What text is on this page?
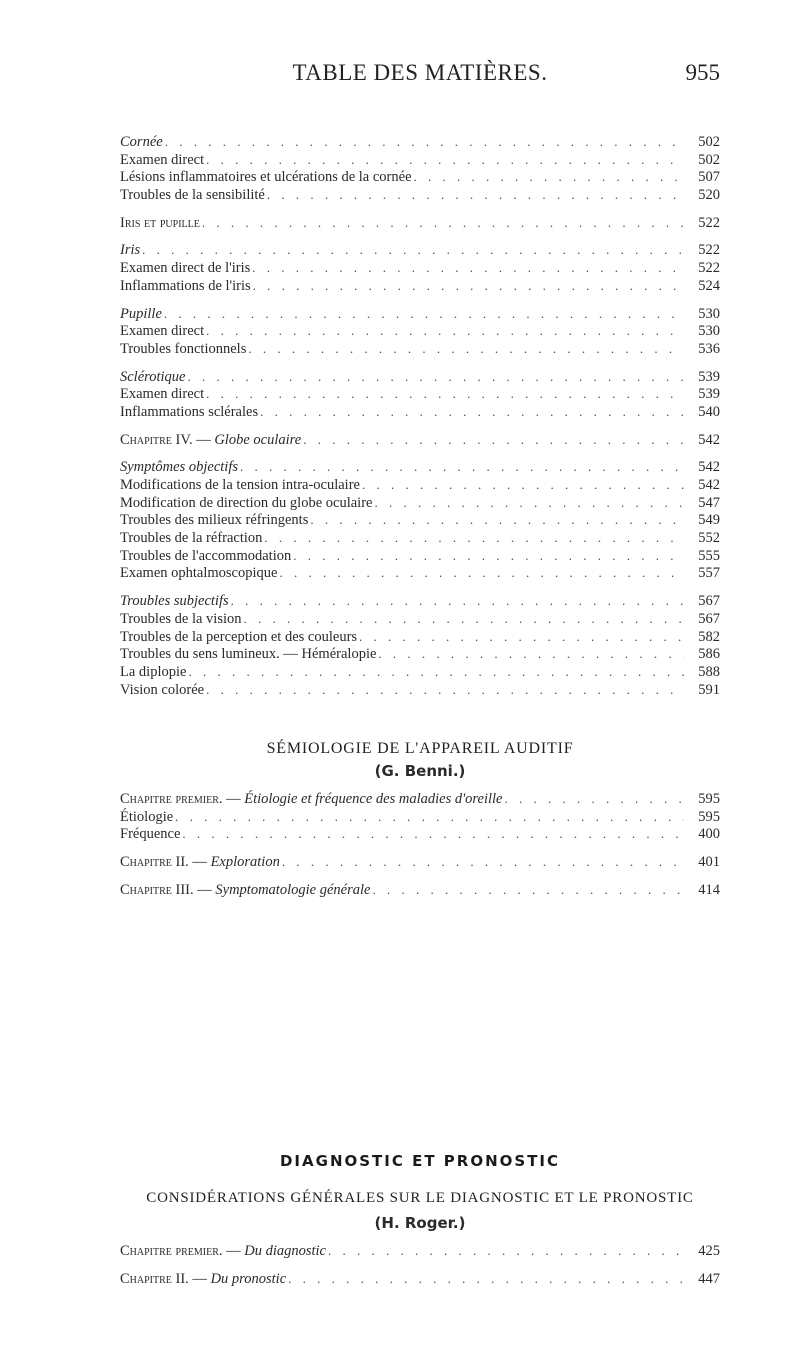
TABLE DES MATIÈRES.	955
Cornée . . .	502
Examen direct . . .	502
Lésions inflammatoires et ulcérations de la cornée . . .	507
Troubles de la sensibilité . . .	520
Iris et pupille . . .	522
Iris . . .	522
Examen direct de l'iris . . .	522
Inflammations de l'iris . . .	524
Pupille . . .	530
Examen direct . . .	530
Troubles fonctionnels . . .	536
Sclérotique . . .	539
Examen direct . . .	539
Inflammations sclérales . . .	540
Chapitre IV. — Globe oculaire . . .	542
Symptômes objectifs . . .	542
Modifications de la tension intra-oculaire . . .	542
Modification de direction du globe oculaire . . .	547
Troubles des milieux réfringents . . .	549
Troubles de la réfraction . . .	552
Troubles de l'accommodation . . .	555
Examen ophtalmoscopique . . .	557
Troubles subjectifs . . .	567
Troubles de la vision . . .	567
Troubles de la perception et des couleurs . . .	582
Troubles du sens lumineux. — Héméralopie . . .	586
La diplopie . . .	588
Vision colorée . . .	591
SÉMIOLOGIE DE L'APPAREIL AUDITIF
(G. Benni.)
Chapitre premier. — Étiologie et fréquence des maladies d'oreille . . .	595
Étiologie . . .	595
Fréquence . . .	400
Chapitre II. — Exploration . . .	401
Chapitre III. — Symptomatologie générale . . .	414
DIAGNOSTIC ET PRONOSTIC
CONSIDÉRATIONS GÉNÉRALES SUR LE DIAGNOSTIC ET LE PRONOSTIC
(H. Roger.)
Chapitre premier. — Du diagnostic . . .	425
Chapitre II. — Du pronostic . . .	447
